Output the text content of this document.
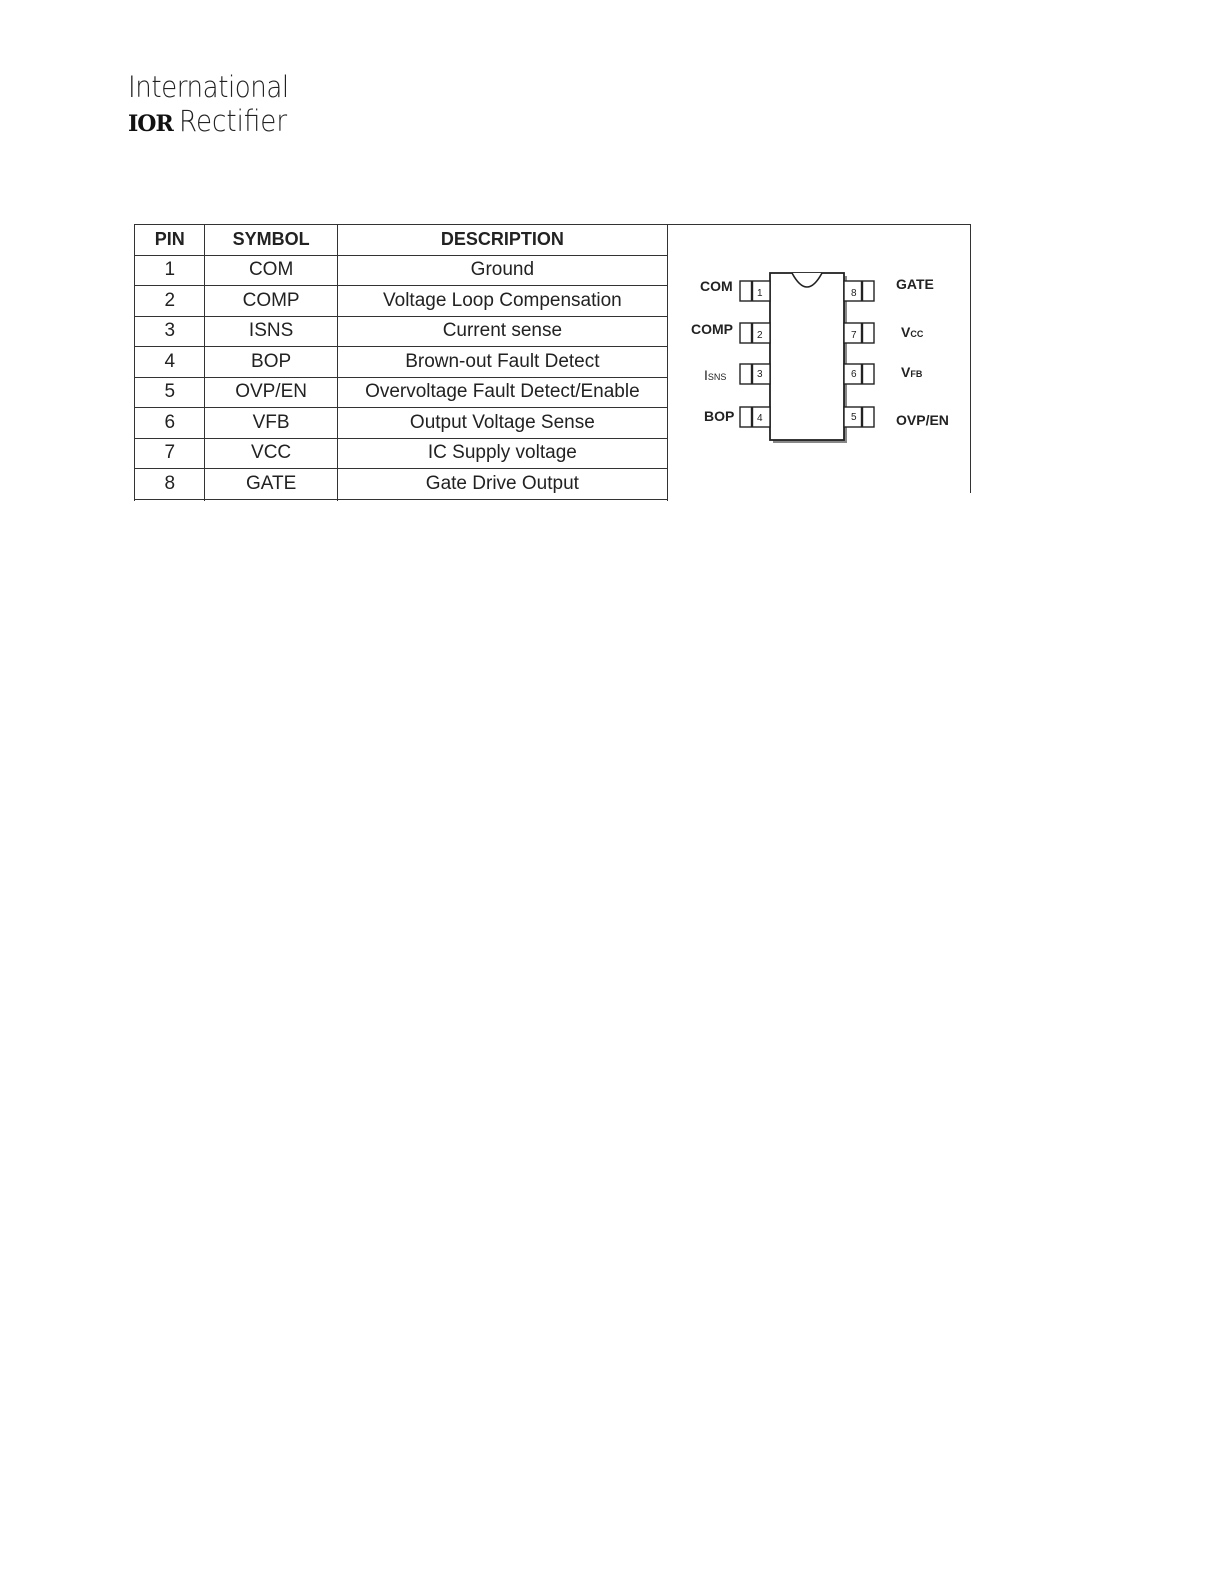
International
IOR Rectifier
PIN	SYMBOL	DESCRIPTION
1	COM	Ground
2	COMP	Voltage Loop Compensation
3	ISNS	Current sense
4	BOP	Brown-out Fault Detect
5	OVP/EN	Overvoltage Fault Detect/Enable
6	VFB	Output Voltage Sense
7	VCC	IC Supply voltage
8	GATE	Gate Drive Output

1
2
3
4
8
7
6
5
COM
COMP
ISNS
BOP
GATE
VCC
VFB
OVP/EN
